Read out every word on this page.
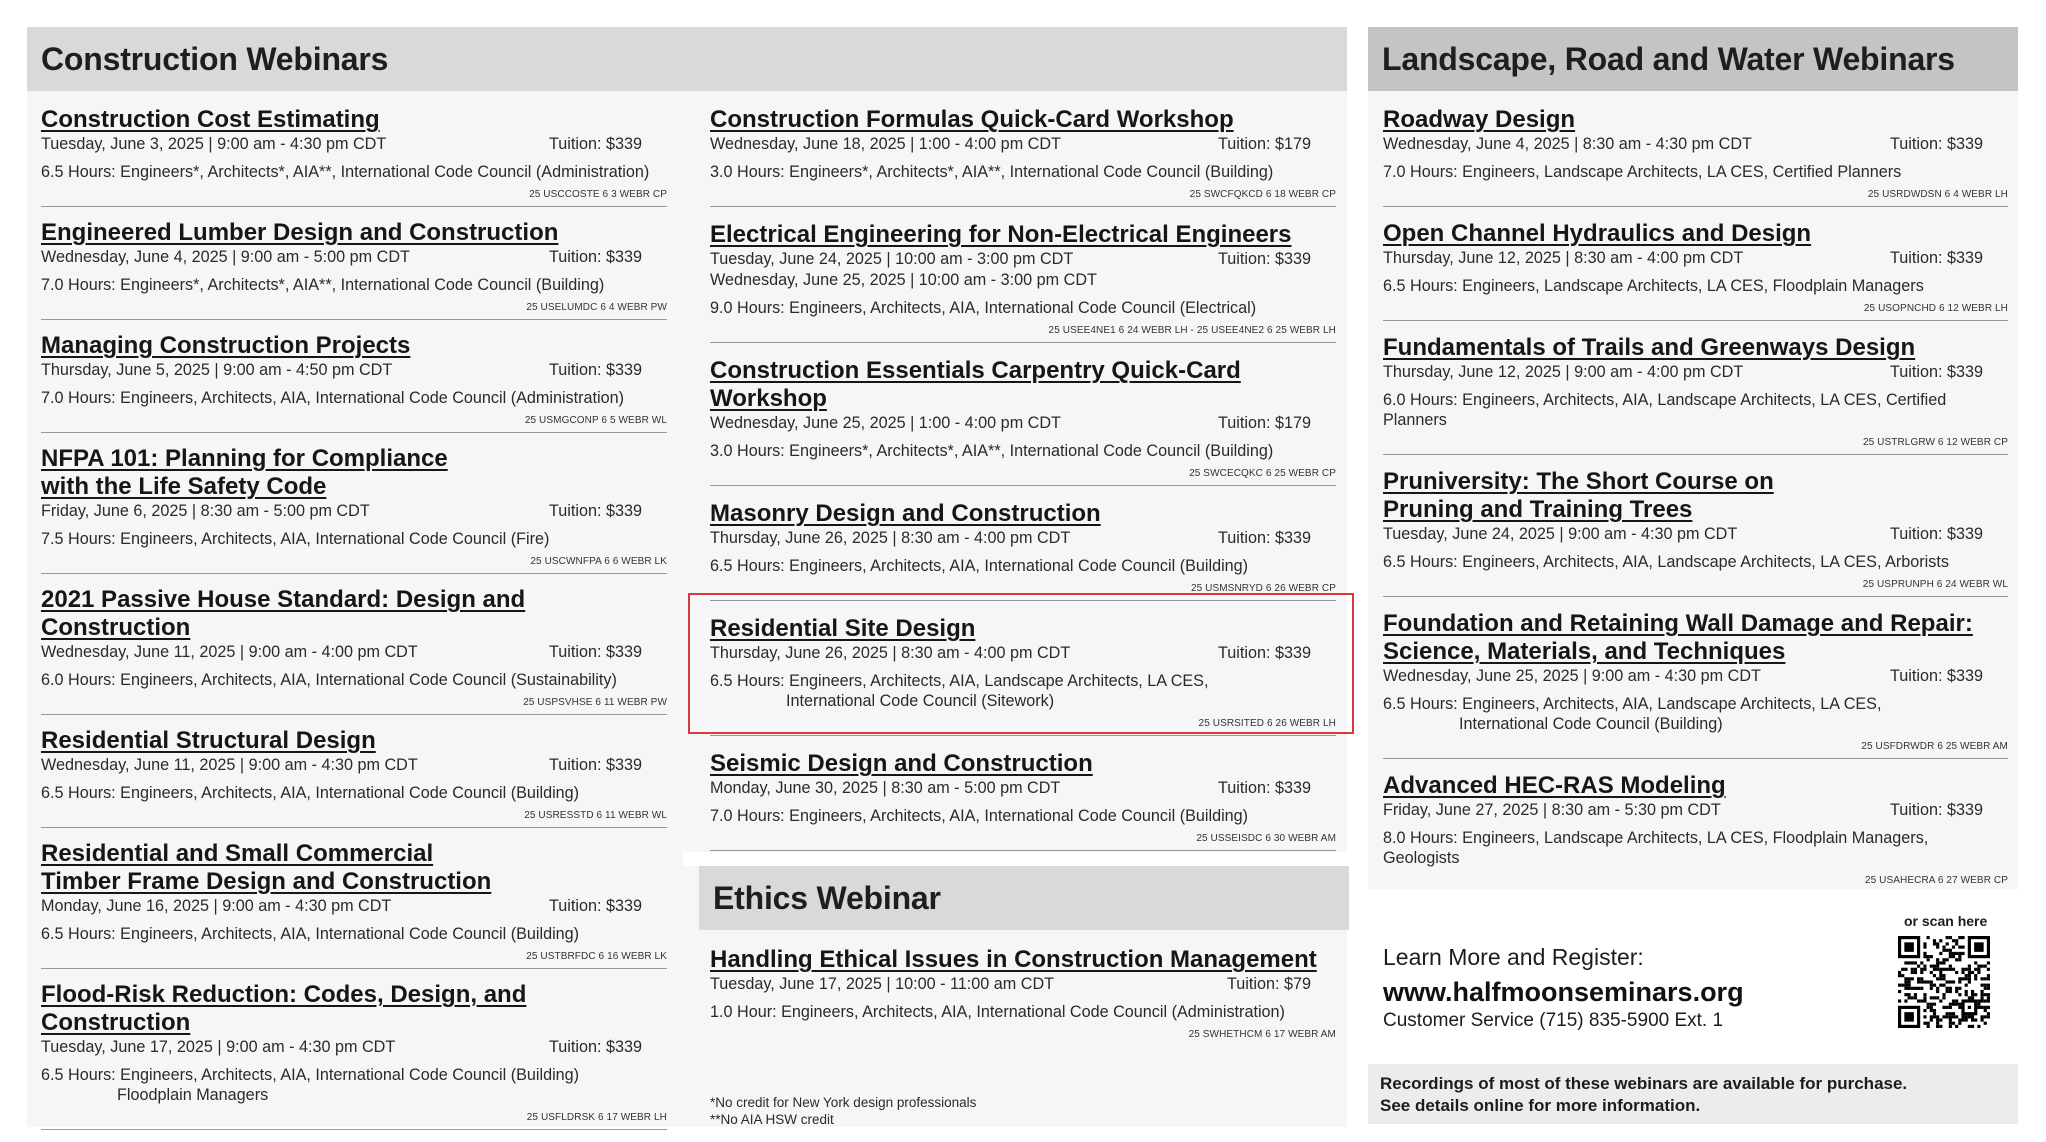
Construction Webinars
Ethics Webinar
Landscape, Road and Water Webinars
Construction Cost Estimating
Tuesday, June 3, 2025 | 9:00 am - 4:30 pm CDT	Tuition: $339
6.5 Hours: Engineers*, Architects*, AIA**, International Code Council (Administration)
25 USCCOSTE 6 3 WEBR CP
Engineered Lumber Design and Construction
Wednesday, June 4, 2025 | 9:00 am - 5:00 pm CDT	Tuition: $339
7.0 Hours: Engineers*, Architects*, AIA**, International Code Council (Building)
25 USELUMDC 6 4 WEBR PW
Managing Construction Projects
Thursday, June 5, 2025 | 9:00 am - 4:50 pm CDT	Tuition: $339
7.0 Hours: Engineers, Architects, AIA, International Code Council (Administration)
25 USMGCONP 6 5 WEBR WL
NFPA 101: Planning for Compliance
with the Life Safety Code
Friday, June 6, 2025 | 8:30 am - 5:00 pm CDT	Tuition: $339
7.5 Hours: Engineers, Architects, AIA, International Code Council (Fire)
25 USCWNFPA 6 6 WEBR LK
2021 Passive House Standard: Design and Construction
Wednesday, June 11, 2025 | 9:00 am - 4:00 pm CDT	Tuition: $339
6.0 Hours: Engineers, Architects, AIA, International Code Council (Sustainability)
25 USPSVHSE 6 11 WEBR PW
Residential Structural Design
Wednesday, June 11, 2025 | 9:00 am - 4:30 pm CDT	Tuition: $339
6.5 Hours: Engineers, Architects, AIA, International Code Council (Building)
25 USRESSTD 6 11 WEBR WL
Residential and Small Commercial
Timber Frame Design and Construction
Monday, June 16, 2025 | 9:00 am - 4:30 pm CDT	Tuition: $339
6.5 Hours: Engineers, Architects, AIA, International Code Council (Building)
25 USTBRFDC 6 16 WEBR LK
Flood-Risk Reduction: Codes, Design, and Construction
Tuesday, June 17, 2025 | 9:00 am - 4:30 pm CDT	Tuition: $339
6.5 Hours: Engineers, Architects, AIA, International Code Council (Building)
Floodplain Managers
25 USFLDRSK 6 17 WEBR LH
Construction Formulas Quick-Card Workshop
Wednesday, June 18, 2025 | 1:00 - 4:00 pm CDT	Tuition: $179
3.0 Hours: Engineers*, Architects*, AIA**, International Code Council (Building)
25 SWCFQKCD 6 18 WEBR CP
Electrical Engineering for Non-Electrical Engineers
Tuesday, June 24, 2025 | 10:00 am - 3:00 pm CDT
Wednesday, June 25, 2025 | 10:00 am - 3:00 pm CDT
Tuition: $339
9.0 Hours: Engineers, Architects, AIA, International Code Council (Electrical)
25 USEE4NE1 6 24 WEBR LH - 25 USEE4NE2 6 25 WEBR LH
Construction Essentials Carpentry Quick-Card Workshop
Wednesday, June 25, 2025 | 1:00 - 4:00 pm CDT	Tuition: $179
3.0 Hours: Engineers*, Architects*, AIA**, International Code Council (Building)
25 SWCECQKC 6 25 WEBR CP
Masonry Design and Construction
Thursday, June 26, 2025 | 8:30 am - 4:00 pm CDT	Tuition: $339
6.5 Hours: Engineers, Architects, AIA, International Code Council (Building)
25 USMSNRYD 6 26 WEBR CP
Residential Site Design
Thursday, June 26, 2025 | 8:30 am - 4:00 pm CDT	Tuition: $339
6.5 Hours: Engineers, Architects, AIA, Landscape Architects, LA CES,
International Code Council (Sitework)
25 USRSITED 6 26 WEBR LH
Seismic Design and Construction
Monday, June 30, 2025 | 8:30 am - 5:00 pm CDT	Tuition: $339
7.0 Hours: Engineers, Architects, AIA, International Code Council (Building)
25 USSEISDC 6 30 WEBR AM
Handling Ethical Issues in Construction Management
Tuesday, June 17, 2025 | 10:00 - 11:00 am CDT	Tuition: $79
1.0 Hour: Engineers, Architects, AIA, International Code Council (Administration)
25 SWHETHCM 6 17 WEBR AM
Roadway Design
Wednesday, June 4, 2025 | 8:30 am - 4:30 pm CDT	Tuition: $339
7.0 Hours: Engineers, Landscape Architects, LA CES, Certified Planners
25 USRDWDSN 6 4 WEBR LH
Open Channel Hydraulics and Design
Thursday, June 12, 2025 | 8:30 am - 4:00 pm CDT	Tuition: $339
6.5 Hours: Engineers, Landscape Architects, LA CES, Floodplain Managers
25 USOPNCHD 6 12 WEBR LH
Fundamentals of Trails and Greenways Design
Thursday, June 12, 2025 | 9:00 am - 4:00 pm CDT	Tuition: $339
6.0 Hours: Engineers, Architects, AIA, Landscape Architects, LA CES, Certified Planners
25 USTRLGRW 6 12 WEBR CP
Pruniversity: The Short Course on
Pruning and Training Trees
Tuesday, June 24, 2025 | 9:00 am - 4:30 pm CDT	Tuition: $339
6.5 Hours: Engineers, Architects, AIA, Landscape Architects, LA CES, Arborists
25 USPRUNPH 6 24 WEBR WL
Foundation and Retaining Wall Damage and Repair:
Science, Materials, and Techniques
Wednesday, June 25, 2025 | 9:00 am - 4:30 pm CDT	Tuition: $339
6.5 Hours: Engineers, Architects, AIA, Landscape Architects, LA CES,
International Code Council (Building)
25 USFDRWDR 6 25 WEBR AM
Advanced HEC-RAS Modeling
Friday, June 27, 2025 | 8:30 am - 5:30 pm CDT	Tuition: $339
8.0 Hours: Engineers, Landscape Architects, LA CES, Floodplain Managers, Geologists
25 USAHECRA 6 27 WEBR CP
*No credit for New York design professionals
**No AIA HSW credit
Learn More and Register:
www.halfmoonseminars.org
Customer Service (715) 835-5900 Ext. 1
or scan here
Recordings of most of these webinars are available for purchase.
See details online for more information.
